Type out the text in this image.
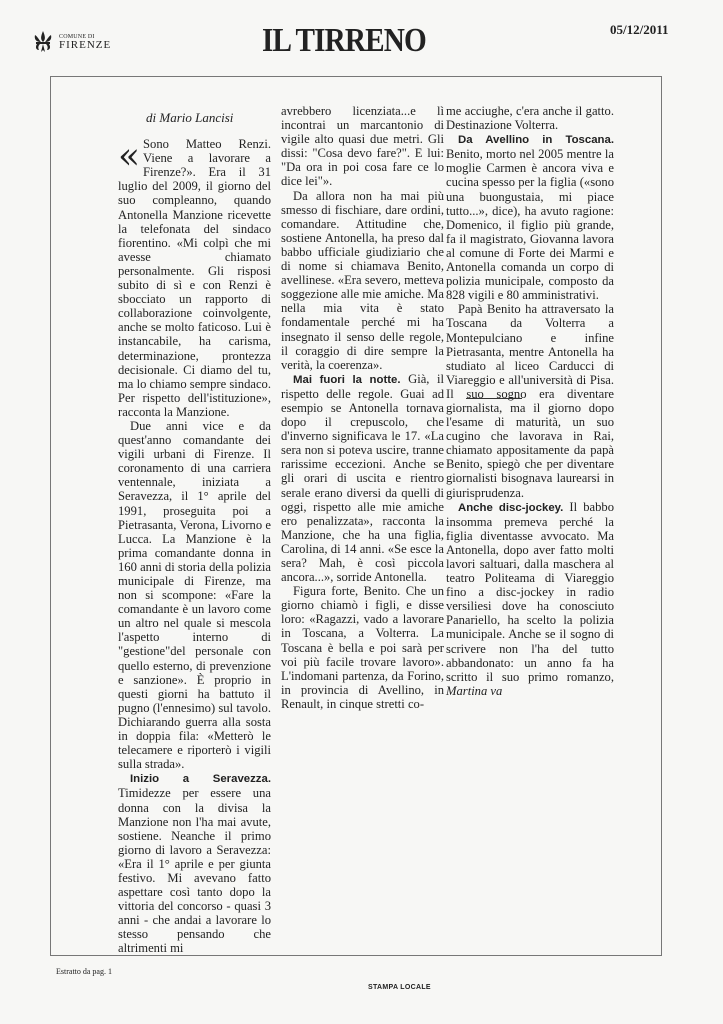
COMUNE DI
FIRENZE	IL TIRRENO	05/12/2011
di Mario Lancisi

« Sono Matteo Renzi. Viene a lavorare a Firenze?». Era il 31 luglio del 2009, il giorno del suo compleanno, quando Antonella Manzione ricevette la telefonata del sindaco fiorentino. «Mi colpì che mi avesse chiamato personalmente. Gli risposi subito di sì e con Renzi è sbocciato un rapporto di collaborazione coinvolgente, anche se molto faticoso. Lui è instancabile, ha carisma, determinazione, prontezza decisionale. Ci diamo del tu, ma lo chiamo sempre sindaco. Per rispetto dell'istituzione», racconta la Manzione.

Due anni vice e da quest'anno comandante dei vigili urbani di Firenze. Il coronamento di una carriera ventennale, iniziata a Seravezza, il 1° aprile del 1991, proseguita poi a Pietrasanta, Verona, Livorno e Lucca. La Manzione è la prima comandante donna in 160 anni di storia della polizia municipale di Firenze, ma non si scompone: «Fare la comandante è un lavoro come un altro nel quale si mescola l'aspetto interno di "gestione"del personale con quello esterno, di prevenzione e sanzione». È proprio in questi giorni ha battuto il pugno (l'ennesimo) sul tavolo. Dichiarando guerra alla sosta in doppia fila: «Metterò le telecamere e riporterò i vigili sulla strada».

Inizio a Seravezza. Timidezze per essere una donna con la divisa la Manzione non l'ha mai avute, sostiene. Neanche il primo giorno di lavoro a Seravezza: «Era il 1° aprile e per giunta festivo. Mi avevano fatto aspettare così tanto dopo la vittoria del concorso - quasi 3 anni - che andai a lavorare lo stesso pensando che altrimenti mi

avrebbero licenziata...e lì incontrai un marcantonio di vigile alto quasi due metri. Gli dissi: "Cosa devo fare?". E lui: "Da ora in poi cosa fare ce lo dice lei"».

Da allora non ha mai più smesso di fischiare, dare ordini, comandare. Attitudine che, sostiene Antonella, ha preso dal babbo ufficiale giudiziario che di nome si chiamava Benito, avellinese. «Era severo, metteva soggezione alle mie amiche. Ma nella mia vita è stato fondamentale perché mi ha insegnato il senso delle regole, il coraggio di dire sempre la verità, la coerenza».

Mai fuori la notte. Già, il rispetto delle regole. Guai ad esempio se Antonella tornava dopo il crepuscolo, che d'inverno significava le 17. «La sera non si poteva uscire, tranne rarissime eccezioni. Anche se gli orari di uscita e rientro serale erano diversi da quelli di oggi, rispetto alle mie amiche ero penalizzata», racconta la Manzione, che ha una figlia, Carolina, di 14 anni. «Se esce la sera? Mah, è così piccola ancora...», sorride Antonella.

Figura forte, Benito. Che un giorno chiamò i figli, e disse loro: «Ragazzi, vado a lavorare in Toscana, a Volterra. La Toscana è bella e poi sarà per voi più facile trovare lavoro». L'indomani partenza, da Forino, in provincia di Avellino, in Renault, in cinque stretti co-

me acciughe, c'era anche il gatto. Destinazione Volterra.

Da Avellino in Toscana. Benito, morto nel 2005 mentre la moglie Carmen è ancora viva e cucina spesso per la figlia («sono una buongustaia, mi piace tutto...», dice), ha avuto ragione: Domenico, il figlio più grande, fa il magistrato, Giovanna lavora al comune di Forte dei Marmi e Antonella comanda un corpo di polizia municipale, composto da 828 vigili e 80 amministrativi.

Papà Benito ha attraversato la Toscana da Volterra a Montepulciano e infine Pietrasanta, mentre Antonella ha studiato al liceo Carducci di Viareggio e all'università di Pisa. Il suo sogno era diventare giornalista, ma il giorno dopo l'esame di maturità, un suo cugino che lavorava in Rai, chiamato appositamente da papà Benito, spiegò che per diventare giornalisti bisognava laurearsi in giurisprudenza.

Anche disc-jockey. Il babbo insomma premeva perché la figlia diventasse avvocato. Ma Antonella, dopo aver fatto molti lavori saltuari, dalla maschera al teatro Politeama di Viareggio fino a disc-jockey in radio versiliesi dove ha conosciuto Panariello, ha scelto la polizia municipale. Anche se il sogno di scrivere non l'ha del tutto abbandonato: un anno fa ha scritto il suo primo romanzo, Martina va

Estratto da pag. 1
STAMPA LOCALE
